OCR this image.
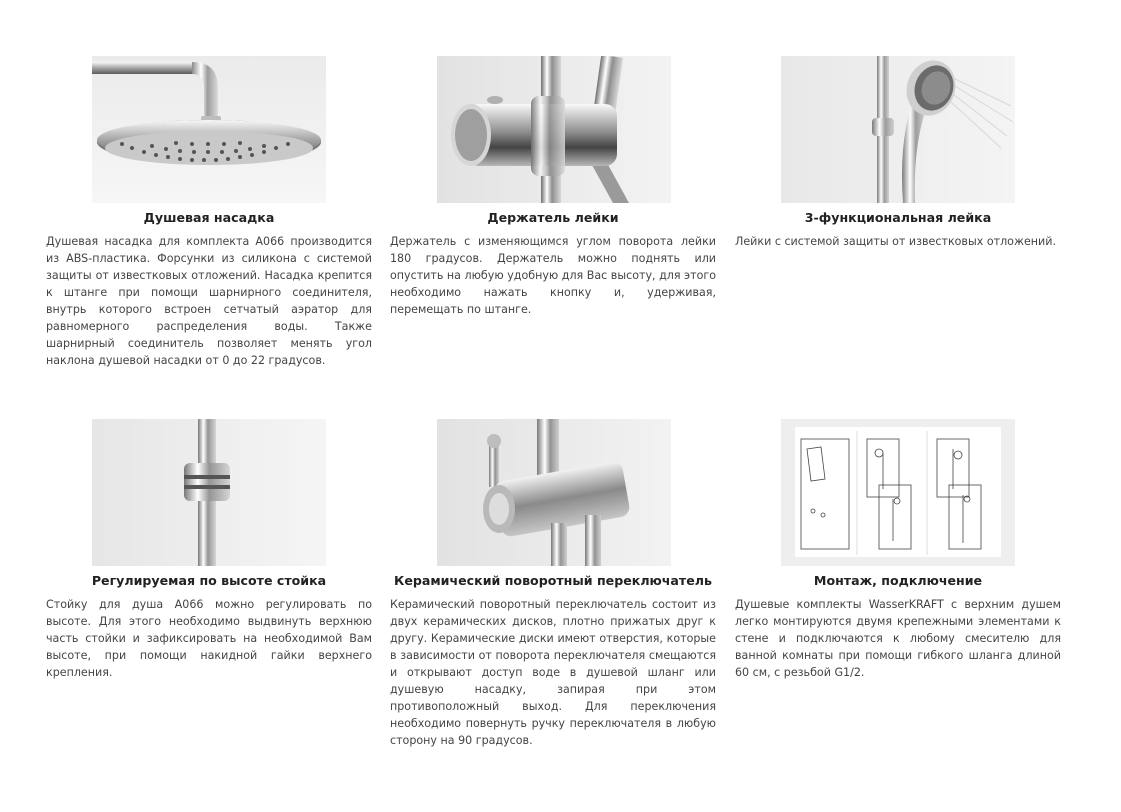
Душевая насадка

Душевая насадка для комплекта A066 производится из ABS-пластика. Форсунки из силикона с системой защиты от известковых отложений. Насадка крепится к штанге при помощи шарнирного соединителя, внутрь которого встроен сетчатый аэратор для равномерного распределения воды. Также шарнирный соединитель позволяет менять угол наклона душевой насадки от 0 до 22 градусов.

Держатель лейки

Держатель с изменяющимся углом поворота лейки 180 градусов. Держатель можно поднять или опустить на любую удобную для Вас высоту, для этого необходимо нажать кнопку и, удерживая, перемещать по штанге.

3-функциональная лейка

Лейки с системой защиты от известковых отложений.

Регулируемая по высоте стойка

Стойку для душа A066 можно регулировать по высоте. Для этого необходимо выдвинуть верхнюю часть стойки и зафиксировать на необходимой Вам высоте, при помощи накидной гайки верхнего крепления.

Керамический поворотный переключатель

Керамический поворотный переключатель состоит из двух керамических дисков, плотно прижатых друг к другу. Керамические диски имеют отверстия, которые в зависимости от поворота переключателя смещаются и открывают доступ воде в душевой шланг или душевую насадку, запирая при этом противоположный выход. Для переключения необходимо повернуть ручку переключателя в любую сторону на 90 градусов.

Монтаж, подключение

Душевые комплекты WasserKRAFT с верхним душем легко монтируются двумя крепежными элементами к стене и подключаются к любому смесителю для ванной комнаты при помощи гибкого шланга длиной 60 см, с резьбой G1/2.
